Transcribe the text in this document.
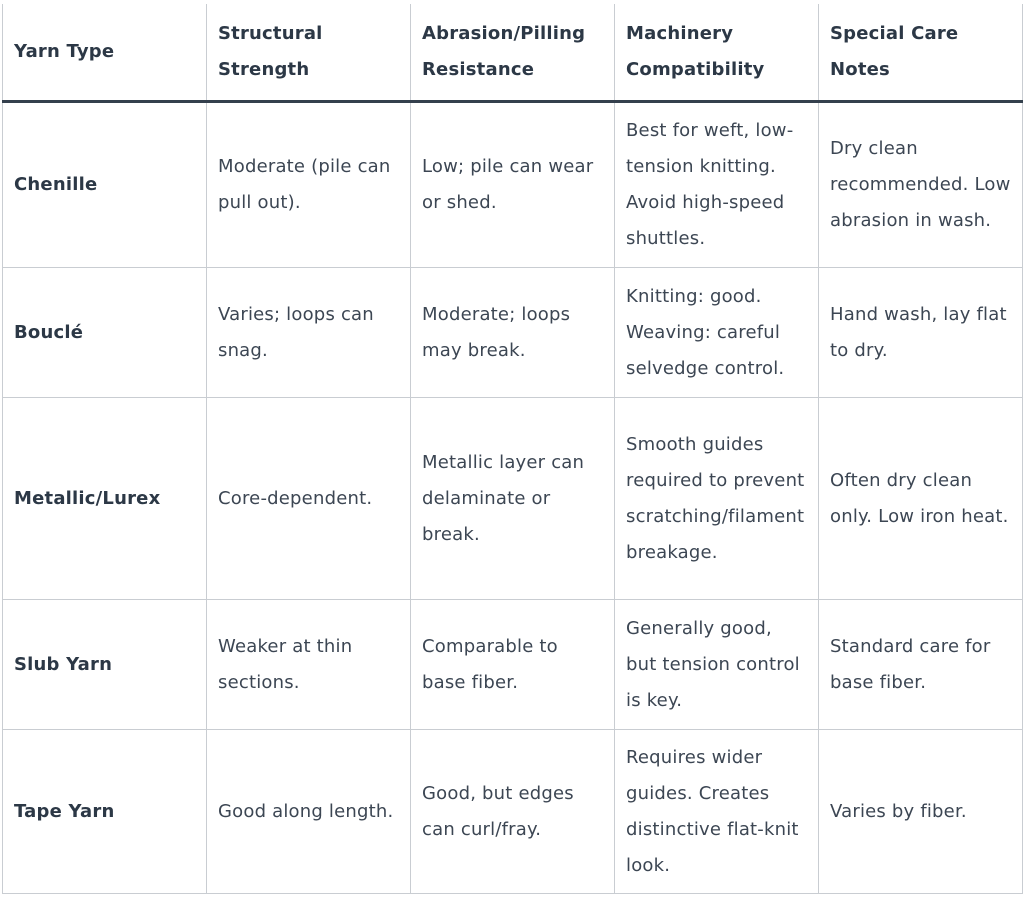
Yarn Type	Structural Strength	Abrasion/Pilling Resistance	Machinery Compatibility	Special Care Notes
Chenille	Moderate (pile can pull out).	Low; pile can wear or shed.	Best for weft, low-tension knitting. Avoid high-speed shuttles.	Dry clean recommended. Low abrasion in wash.
Bouclé	Varies; loops can snag.	Moderate; loops may break.	Knitting: good. Weaving: careful selvedge control.	Hand wash, lay flat to dry.
Metallic/Lurex	Core-dependent.	Metallic layer can delaminate or break.	Smooth guides required to prevent scratching/filament breakage.	Often dry clean only. Low iron heat.
Slub Yarn	Weaker at thin sections.	Comparable to base fiber.	Generally good, but tension control is key.	Standard care for base fiber.
Tape Yarn	Good along length.	Good, but edges can curl/fray.	Requires wider guides. Creates distinctive flat-knit look.	Varies by fiber.
